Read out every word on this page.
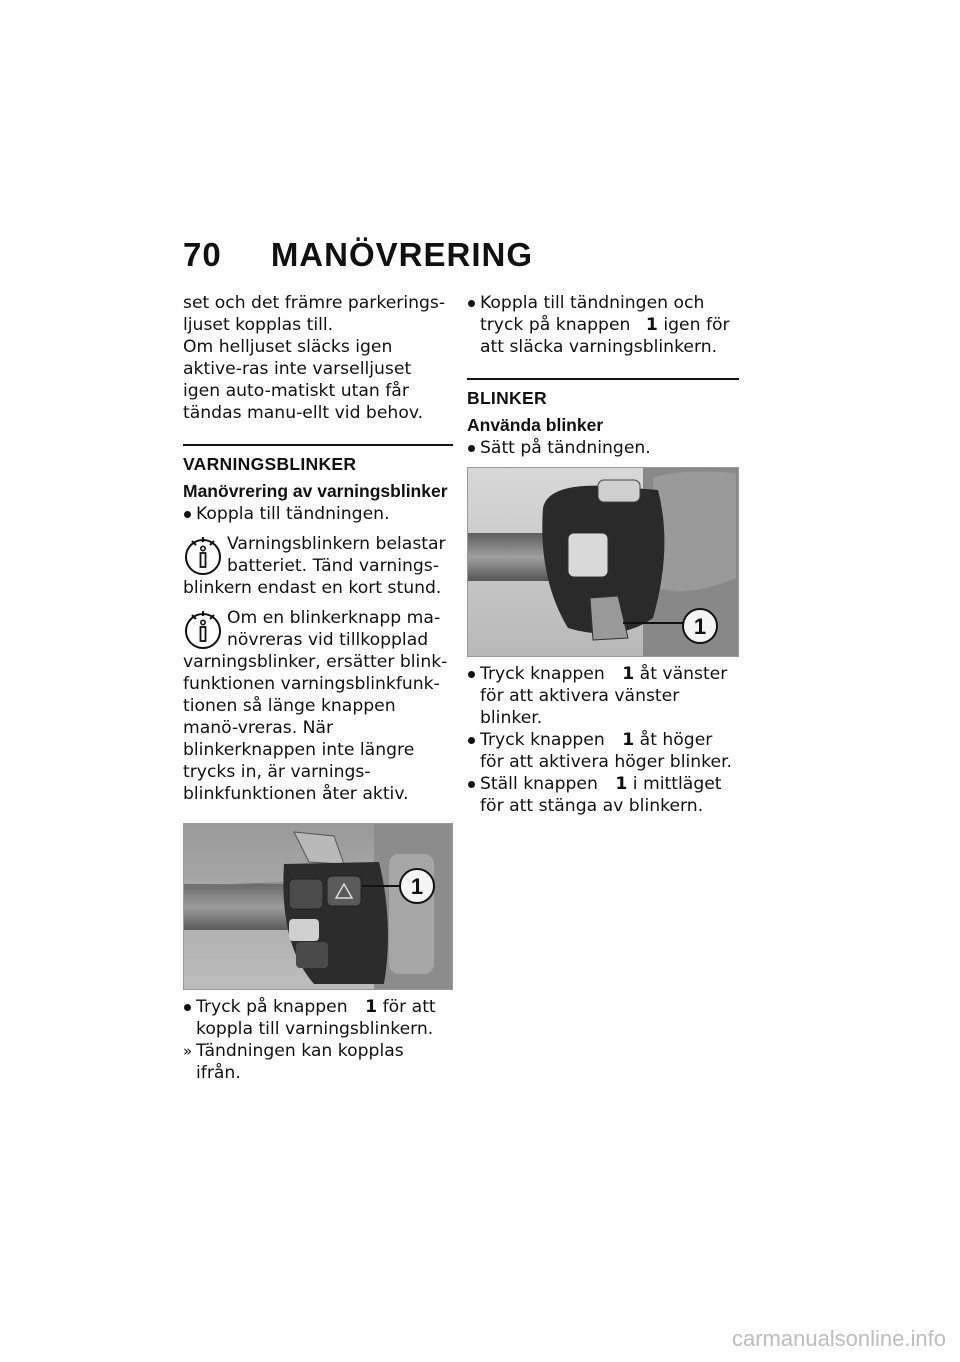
70 MANÖVRERING

set och det främre parkerings-ljuset kopplas till.

Om helljuset släcks igen aktive-ras inte varselljuset igen auto-matiskt utan får tändas manu-ellt vid behov.

VARNINGSBLINKER
Manövrering av varningsblinker
Koppla till tändningen.
Varningsblinkern belastar batteriet. Tänd varnings-blinkern endast en kort stund.
Om en blinkerknapp ma-növreras vid tillkopplad varningsblinker, ersätter blink-funktionen varningsblinkfunk-tionen så länge knappen manö-vreras. När blinkerknappen inte längre trycks in, är varnings-blinkfunktionen åter aktiv.
1
Tryck på knappen 1 för att koppla till varningsblinkern.
» Tändningen kan kopplas ifrån.
Koppla till tändningen och tryck på knappen 1 igen för att släcka varningsblinkern.
BLINKER
Använda blinker
Sätt på tändningen.
1
Tryck knappen 1 åt vänster för att aktivera vänster blinker.
Tryck knappen 1 åt höger för att aktivera höger blinker.
Ställ knappen 1 i mittläget för att stänga av blinkern.
carmanualsonline.info
